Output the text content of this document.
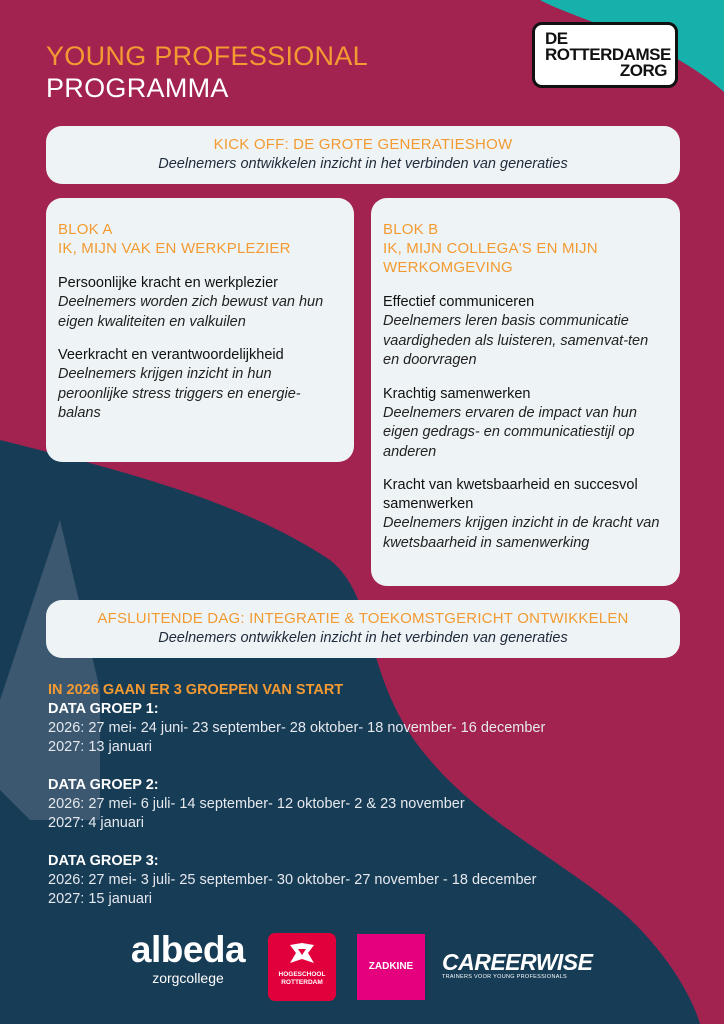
YOUNG PROFESSIONAL
PROGRAMMA
DE ROTTERDAMSE
ZORG
KICK OFF: DE GROTE GENERATIESHOW
Deelnemers ontwikkelen inzicht in het verbinden van generaties
BLOK A
IK, MIJN VAK EN WERKPLEZIER
Persoonlijke kracht en werkplezier
Deelnemers worden zich bewust van hun eigen kwaliteiten en valkuilen
Veerkracht en verantwoordelijkheid
Deelnemers krijgen inzicht in hun peroonlijke stress triggers en energie-balans
BLOK B
IK, MIJN COLLEGA'S EN MIJN WERKOMGEVING
Effectief communiceren
Deelnemers leren basis communicatie vaardigheden als luisteren, samenvat-ten en doorvragen
Krachtig samenwerken
Deelnemers ervaren de impact van hun eigen gedrags- en communicatiestijl op anderen
Kracht van kwetsbaarheid en succesvol samenwerken
Deelnemers krijgen inzicht in de kracht van kwetsbaarheid in samenwerking
AFSLUITENDE DAG: INTEGRATIE & TOEKOMSTGERICHT ONTWIKKELEN
Deelnemers ontwikkelen inzicht in het verbinden van generaties
IN 2026 GAAN ER 3 GROEPEN VAN START
DATA GROEP 1:
2026: 27 mei- 24 juni- 23 september- 28 oktober- 18 november- 16 december
2027: 13 januari
DATA GROEP 2:
2026: 27 mei- 6 juli- 14 september- 12 oktober- 2 & 23 november
2027: 4 januari
DATA GROEP 3:
2026: 27 mei- 3 juli- 25 september- 30 oktober- 27 november - 18 december
2027: 15 januari
albeda
zorgcollege	HOGESCHOOL ROTTERDAM
ZADKINE	CAREERWISE
TRAINERS VOOR YOUNG PROFESSIONALS
